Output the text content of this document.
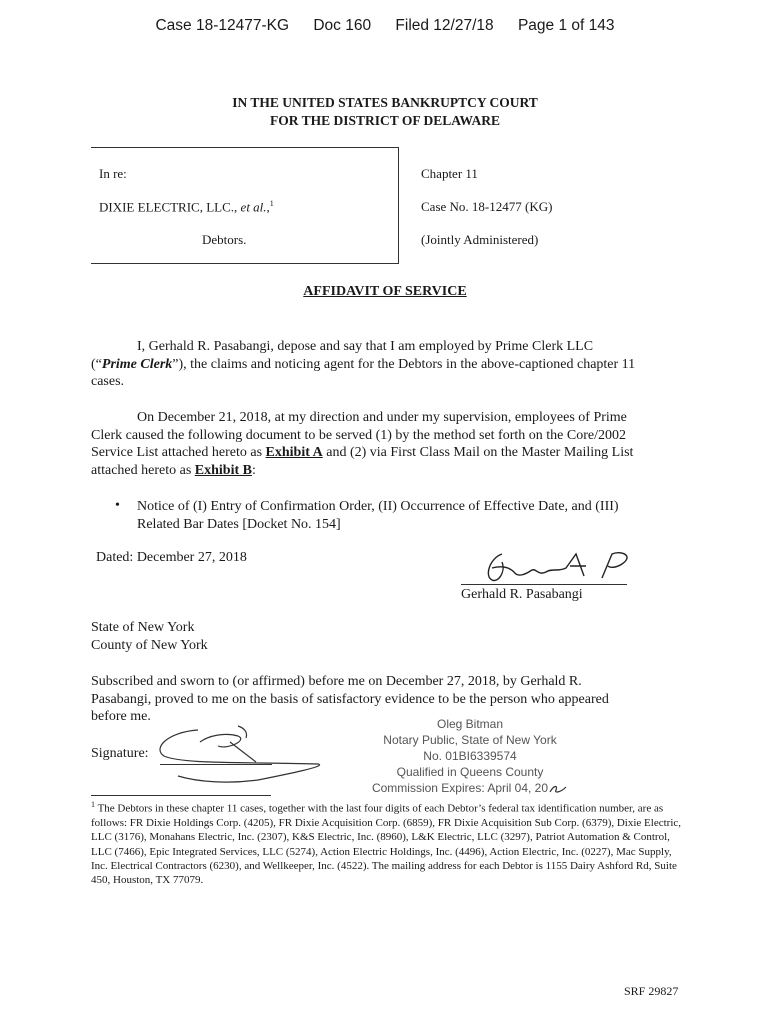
Case 18-12477-KG Doc 160 Filed 12/27/18 Page 1 of 143
IN THE UNITED STATES BANKRUPTCY COURT
FOR THE DISTRICT OF DELAWARE
In re:
DIXIE ELECTRIC, LLC., et al.,$^1$
Debtors.
Chapter 11
Case No. 18-12477 (KG)
(Jointly Administered)
AFFIDAVIT OF SERVICE
I, Gerhald R. Pasabangi, depose and say that I am employed by Prime Clerk LLC
(“Prime Clerk”), the claims and noticing agent for the Debtors in the above-captioned chapter 11
cases.
On December 21, 2018, at my direction and under my supervision, employees of Prime
Clerk caused the following document to be served (1) by the method set forth on the Core/2002
Service List attached hereto as Exhibit A and (2) via First Class Mail on the Master Mailing List
attached hereto as Exhibit B:
• Notice of (I) Entry of Confirmation Order, (II) Occurrence of Effective Date, and (III)
Related Bar Dates [Docket No. 154]
Dated: December 27, 2018
Gerhald R. Pasabangi
State of New York
County of New York
Subscribed and sworn to (or affirmed) before me on December 27, 2018, by Gerhald R.
Pasabangi, proved to me on the basis of satisfactory evidence to be the person who appeared
before me.
Signature:
Oleg Bitman
Notary Public, State of New York
No. 01BI6339574
Qualified in Queens County
Commission Expires: April 04, 20
$^1$ The Debtors in these chapter 11 cases, together with the last four digits of each Debtor’s federal tax identification number, are as follows: FR Dixie Holdings Corp. (4205), FR Dixie Acquisition Corp. (6859), FR Dixie Acquisition Sub Corp. (6379), Dixie Electric, LLC (3176), Monahans Electric, Inc. (2307), K&S Electric, Inc. (8960), L&K Electric, LLC (3297), Patriot Automation & Control, LLC (7466), Epic Integrated Services, LLC (5274), Action Electric Holdings, Inc. (4496), Action Electric, Inc. (0227), Mac Supply, Inc. Electrical Contractors (6230), and Wellkeeper, Inc. (4522). The mailing address for each Debtor is 1155 Dairy Ashford Rd, Suite 450, Houston, TX 77079.
SRF 29827
